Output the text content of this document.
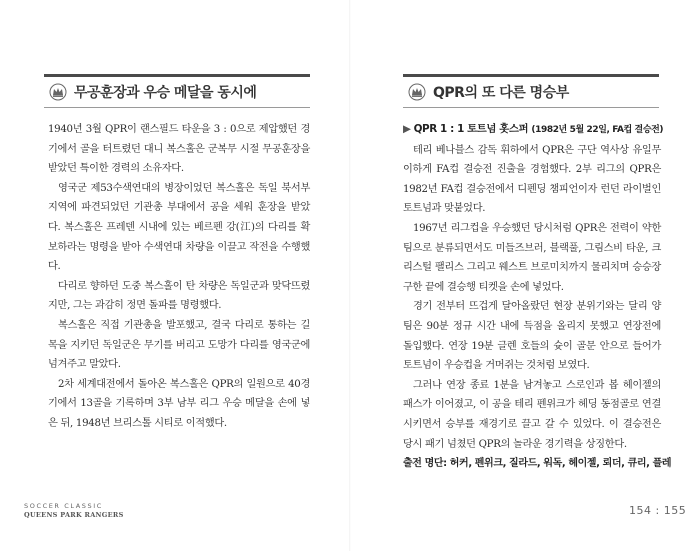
무공훈장과 우승 메달을 동시에

1940년 3월 QPR이 랜스필드 타운을 3 : 0으로 제압했던 경기에서 골을 터트렸던 대니 복스홀은 군복무 시절 무공훈장을 받았던 특이한 경력의 소유자다.

영국군 제53수색연대의 병장이었던 복스홀은 독일 북서부 지역에 파견되었던 기관총 부대에서 공을 세워 훈장을 받았다. 복스홀은 프레덴 시내에 있는 베르펜 강(江)의 다리를 확보하라는 명령을 받아 수색연대 차량을 이끌고 작전을 수행했다.

다리로 향하던 도중 복스홀이 탄 차량은 독일군과 맞닥뜨렸지만, 그는 과감히 정면 돌파를 명령했다.

복스홀은 직접 기관총을 발포했고, 결국 다리로 통하는 길목을 지키던 독일군은 무기를 버리고 도망가 다리를 영국군에 넘겨주고 말았다.

2차 세계대전에서 돌아온 복스홀은 QPR의 일원으로 40경기에서 13골을 기록하며 3부 남부 리그 우승 메달을 손에 넣은 뒤, 1948년 브리스톨 시티로 이적했다.

SOCCER CLASSIC
QUEENS PARK RANGERS
QPR의 또 다른 명승부
▶ QPR 1 : 1 토트넘 홋스퍼 (1982년 5월 22일, FA컵 결승전)

테리 베나블스 감독 휘하에서 QPR은 구단 역사상 유일무이하게 FA컵 결승전 진출을 경험했다. 2부 리그의 QPR은 1982년 FA컵 결승전에서 디펜딩 챔피언이자 런던 라이벌인 토트넘과 맞붙었다.

1967년 리그컵을 우승했던 당시처럼 QPR은 전력이 약한 팀으로 분류되면서도 미들즈브러, 블랙풀, 그림스비 타운, 크리스털 팰리스 그리고 웨스트 브로미치까지 물리치며 승승장구한 끝에 결승행 티켓을 손에 넣었다.

경기 전부터 뜨겁게 달아올랐던 현장 분위기와는 달리 양 팀은 90분 정규 시간 내에 득점을 올리지 못했고 연장전에 돌입했다. 연장 19분 글렌 호들의 슛이 골문 안으로 들어가 토트넘이 우승컵을 거머쥐는 것처럼 보였다.

그러나 연장 종료 1분을 남겨놓고 스로인과 봅 헤이젤의 패스가 이어졌고, 이 공을 테리 펜위크가 헤딩 동점골로 연결시키면서 승부를 재경기로 끌고 갈 수 있었다. 이 결승전은 당시 패기 넘쳤던 QPR의 놀라운 경기력을 상징한다.

출전 명단: 허커, 펜위크, 질라드, 워독, 헤이젤, 뢰더, 큐리, 플레
154 : 155
